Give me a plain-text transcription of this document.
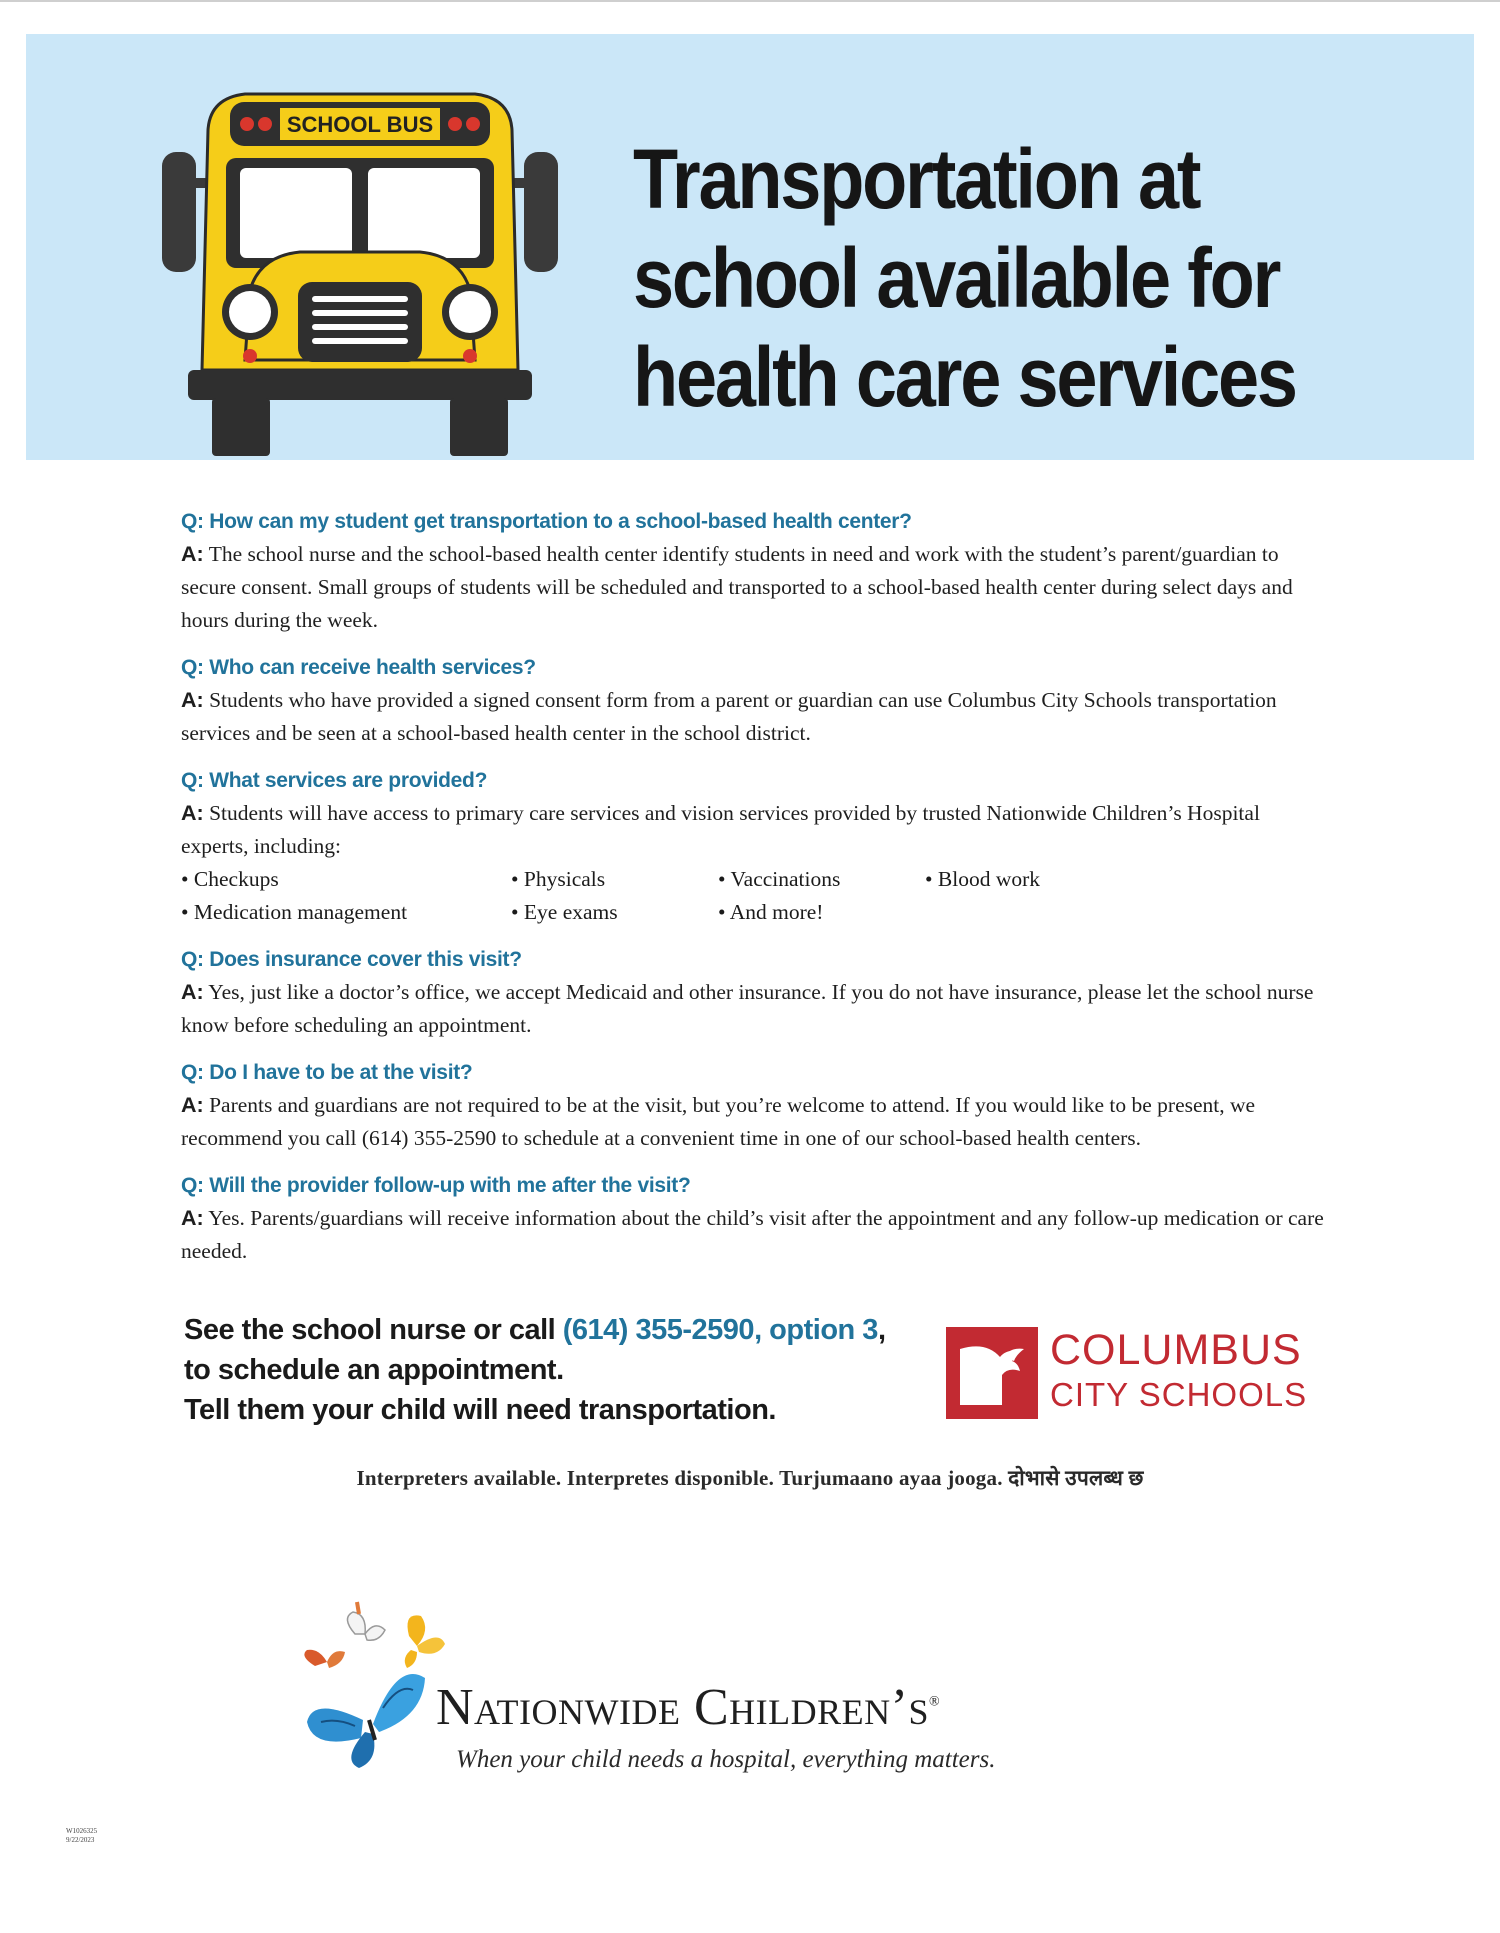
SCHOOL BUS
Transportation at
school available for
health care services

Q: How can my student get transportation to a school-based health center?

A: The school nurse and the school-based health center identify students in need and work with the student’s parent/guardian to secure consent. Small groups of students will be scheduled and transported to a school-based health center during select days and hours during the week.

Q: Who can receive health services?

A: Students who have provided a signed consent form from a parent or guardian can use Columbus City Schools transportation services and be seen at a school-based health center in the school district.

Q: What services are provided?

A: Students will have access to primary care services and vision services provided by trusted Nationwide Children’s Hospital experts, including:

• Checkups	• Physicals	• Vaccinations	• Blood work
• Medication management	• Eye exams	• And more!

Q: Does insurance cover this visit?

A: Yes, just like a doctor’s office, we accept Medicaid and other insurance. If you do not have insurance, please let the school nurse know before scheduling an appointment.

Q: Do I have to be at the visit?

A: Parents and guardians are not required to be at the visit, but you’re welcome to attend. If you would like to be present, we recommend you call (614) 355-2590 to schedule at a convenient time in one of our school-based health centers.

Q: Will the provider follow-up with me after the visit?

A: Yes. Parents/guardians will receive information about the child’s visit after the appointment and any follow-up medication or care needed.

See the school nurse or call (614) 355-2590, option 3,
to schedule an appointment.
Tell them your child will need transportation.
COLUMBUS
CITY SCHOOLS
Interpreters available. Interpretes disponible. Turjumaano ayaa jooga. दोभासे उपलब्ध छ
Nationwide Children’s®
When your child needs a hospital, everything matters.
W1026325
9/22/2023
